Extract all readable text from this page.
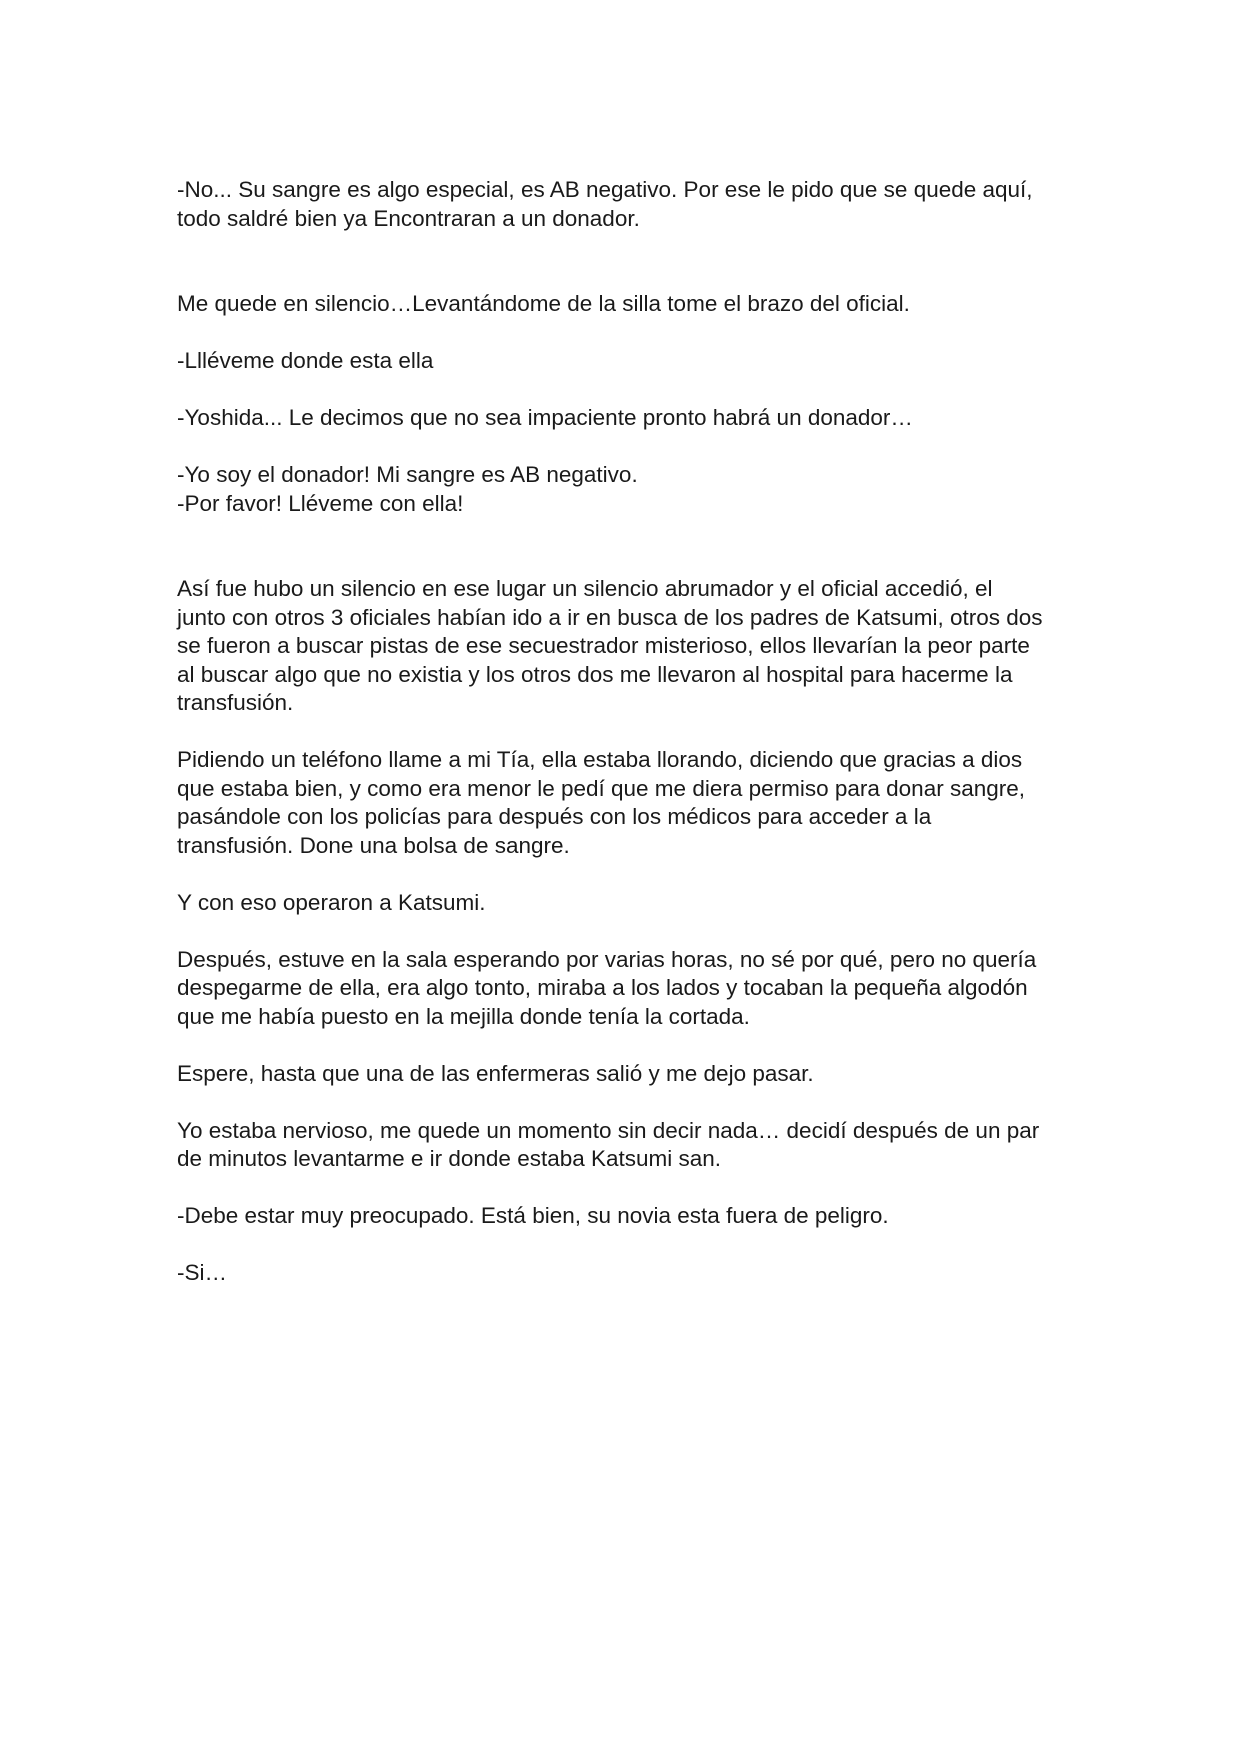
-No... Su sangre es algo especial, es AB negativo. Por ese le pido que se quede aquí,
todo saldré bien ya Encontraran a un donador.

Me quede en silencio…Levantándome de la silla tome el brazo del oficial.

-Llléveme donde esta ella

-Yoshida... Le decimos que no sea impaciente pronto habrá un donador…

-Yo soy el donador! Mi sangre es AB negativo.
-Por favor! Lléveme con ella!

Así fue hubo un silencio en ese lugar un silencio abrumador y el oficial accedió, el
junto con otros 3 oficiales habían ido a ir en busca de los padres de Katsumi, otros dos
se fueron a buscar pistas de ese secuestrador misterioso, ellos llevarían la peor parte
al buscar algo que no existia y los otros dos me llevaron al hospital para hacerme la
transfusión.

Pidiendo un teléfono llame a mi Tía, ella estaba llorando, diciendo que gracias a dios
que estaba bien, y como era menor le pedí que me diera permiso para donar sangre,
pasándole con los policías para después con los médicos para acceder a la
transfusión. Done una bolsa de sangre.

Y con eso operaron a Katsumi.

Después, estuve en la sala esperando por varias horas, no sé por qué, pero no quería
despegarme de ella, era algo tonto, miraba a los lados y tocaban la pequeña algodón
que me había puesto en la mejilla donde tenía la cortada.

Espere, hasta que una de las enfermeras salió y me dejo pasar.

Yo estaba nervioso, me quede un momento sin decir nada… decidí después de un par
de minutos levantarme e ir donde estaba Katsumi san.

-Debe estar muy preocupado. Está bien, su novia esta fuera de peligro.

-Si…
